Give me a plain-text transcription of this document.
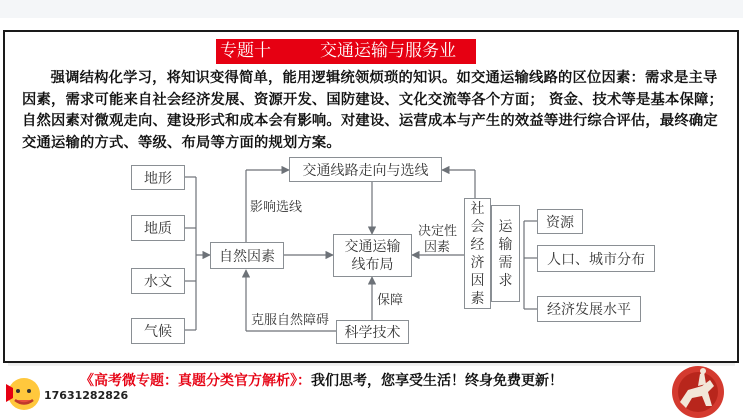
专题十	交通运输与服务业

强调结构化学习，将知识变得简单，能用逻辑统领烦琐的知识。如交通运输线路的区位因素：需求是主导因素，需求可能来自社会经济发展、资源开发、国防建设、文化交流等各个方面； 资金、技术等是基本保障；自然因素对微观走向、建设形式和成本会有影响。对建设、运营成本与产生的效益等进行综合评估，最终确定交通运输的方式、等级、布局等方面的规划方案。

地形
地质
水文
气候
自然因素
交通线路走向与选线
交通运输
线布局
科学技术
社会经济因素
运输需求
资源
人口、城市分布
经济发展水平
影响选线
决定性
因素
保障
克服自然障碍
《高考微专题：真题分类官方解析》：我们思考，您享受生活！终身免费更新！
17631282826
